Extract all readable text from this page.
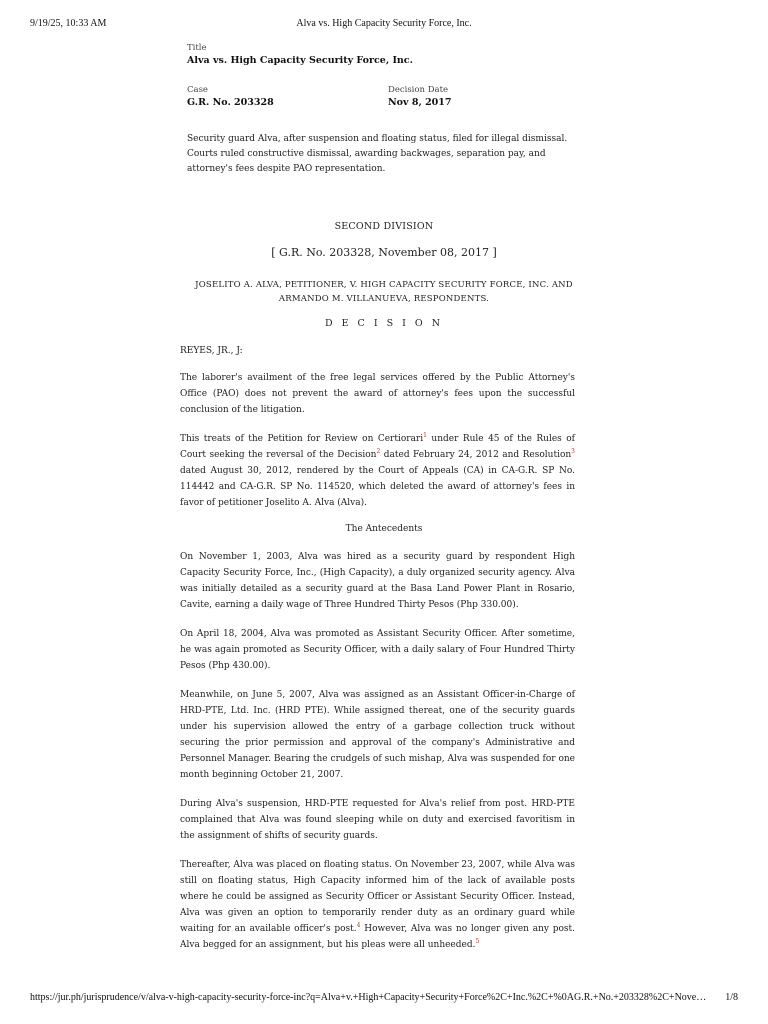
9/19/25, 10:33 AM	Alva vs. High Capacity Security Force, Inc.
Title
Alva vs. High Capacity Security Force, Inc.
Case
G.R. No. 203328
Decision Date
Nov 8, 2017
Security guard Alva, after suspension and floating status, filed for illegal dismissal. Courts ruled constructive dismissal, awarding backwages, separation pay, and attorney's fees despite PAO representation.
SECOND DIVISION
[ G.R. No. 203328, November 08, 2017 ]
JOSELITO A. ALVA, PETITIONER, V. HIGH CAPACITY SECURITY FORCE, INC. AND ARMANDO M. VILLANUEVA, RESPONDENTS.
D E C I S I O N
REYES, JR., J:
The laborer's availment of the free legal services offered by the Public Attorney's Office (PAO) does not prevent the award of attorney's fees upon the successful conclusion of the litigation.
This treats of the Petition for Review on Certiorari$^1$ under Rule 45 of the Rules of Court seeking the reversal of the Decision$^2$ dated February 24, 2012 and Resolution$^3$ dated August 30, 2012, rendered by the Court of Appeals (CA) in CA-G.R. SP No. 114442 and CA-G.R. SP No. 114520, which deleted the award of attorney's fees in favor of petitioner Joselito A. Alva (Alva).
The Antecedents
On November 1, 2003, Alva was hired as a security guard by respondent High Capacity Security Force, Inc., (High Capacity), a duly organized security agency. Alva was initially detailed as a security guard at the Basa Land Power Plant in Rosario, Cavite, earning a daily wage of Three Hundred Thirty Pesos (Php 330.00).
On April 18, 2004, Alva was promoted as Assistant Security Officer. After sometime, he was again promoted as Security Officer, with a daily salary of Four Hundred Thirty Pesos (Php 430.00).
Meanwhile, on June 5, 2007, Alva was assigned as an Assistant Officer-in-Charge of HRD-PTE, Ltd. Inc. (HRD PTE). While assigned thereat, one of the security guards under his supervision allowed the entry of a garbage collection truck without securing the prior permission and approval of the company's Administrative and Personnel Manager. Bearing the crudgels of such mishap, Alva was suspended for one month beginning October 21, 2007.
During Alva's suspension, HRD-PTE requested for Alva's relief from post. HRD-PTE complained that Alva was found sleeping while on duty and exercised favoritism in the assignment of shifts of security guards.
Thereafter, Alva was placed on floating status. On November 23, 2007, while Alva was still on floating status, High Capacity informed him of the lack of available posts where he could be assigned as Security Officer or Assistant Security Officer. Instead, Alva was given an option to temporarily render duty as an ordinary guard while waiting for an available officer's post.$^4$ However, Alva was no longer given any post. Alva begged for an assignment, but his pleas were all unheeded.$^5$
https://jur.ph/jurisprudence/v/alva-v-high-capacity-security-force-inc?q=Alva+v.+High+Capacity+Security+Force%2C+Inc.%2C+%0AG.R.+No.+203328%2C+Nove…	1/8
